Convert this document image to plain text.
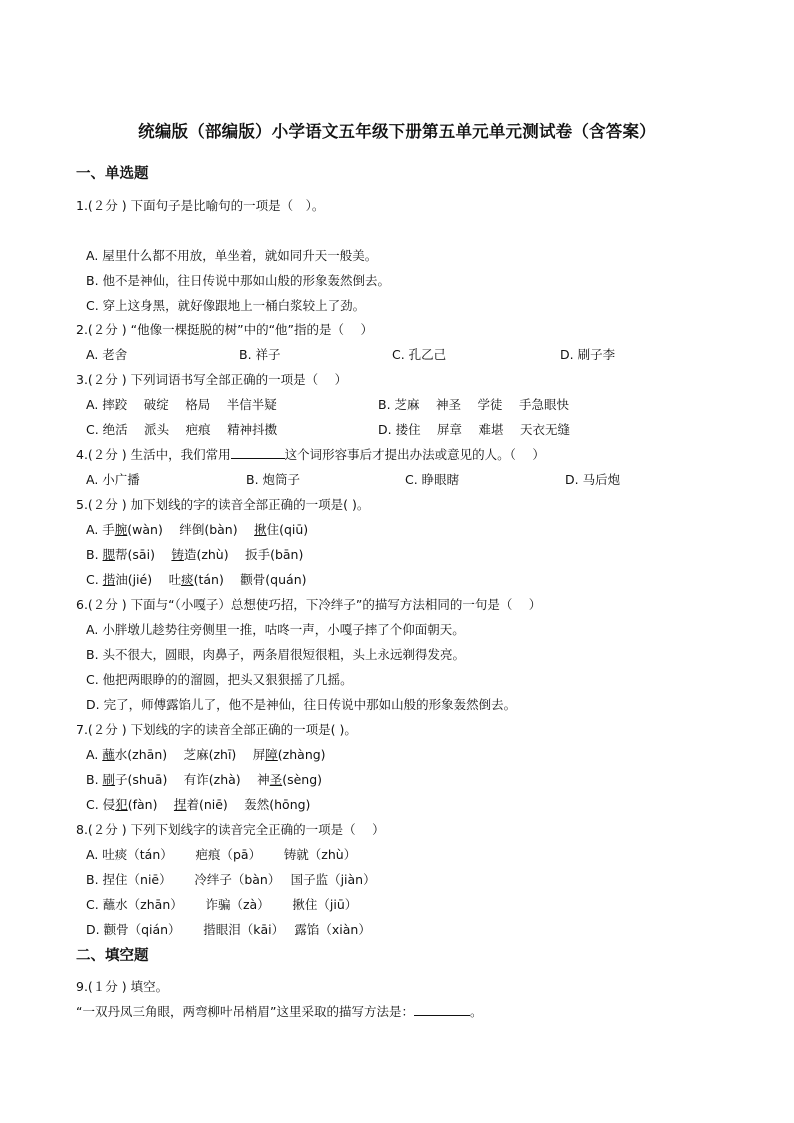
统编版（部编版）小学语文五年级下册第五单元单元测试卷（含答案）
一、单选题
1.(２分 ) 下面句子是比喻句的一项是（　）。
A. 屋里什么都不用放，单坐着，就如同升天一般美。
B. 他不是神仙，往日传说中那如山般的形象轰然倒去。
C. 穿上这身黑，就好像跟地上一桶白浆较上了劲。
2.(２分 ) “他像一棵挺脱的树”中的“他”指的是（　 ）
A. 老舍	B. 祥子	C. 孔乙己	D. 刷子李
3.(２分 ) 下列词语书写全部正确的一项是（　 ）
A. 摔跤　 破绽　 格局　 半信半疑	B. 芝麻　 神圣　 学徒　 手急眼快
C. 绝活　 派头　 疤痕　 精神抖擞	D. 搂住　 屏章　 难堪　 天衣无缝
4.(２分 ) 生活中，我们常用	这个词形容事后才提出办法或意见的人。（　 ）
A. 小广播	B. 炮筒子	C. 睁眼瞎	D. 马后炮
5.(２分 ) 加下划线的字的读音全部正确的一项是( )。
A. 手腕(wàn)　 绊倒(bàn)　 揪住(qiū)
B. 腮帮(sāi)　 铸造(zhù)　 扳手(bān)
C. 揩油(jié)　 吐痰(tán)　 颧骨(quán)
6.(２分 ) 下面与“（小嘎子）总想使巧招，下冷绊子”的描写方法相同的一句是（　 ）
A. 小胖墩儿趁势往旁侧里一推，咕咚一声，小嘎子摔了个仰面朝天。
B. 头不很大，圆眼，肉鼻子，两条眉很短很粗，头上永远剃得发亮。
C. 他把两眼睁的的溜圆，把头又狠狠摇了几摇。
D. 完了，师傅露馅儿了，他不是神仙，往日传说中那如山般的形象轰然倒去。
7.(２分 ) 下划线的字的读音全部正确的一项是( )。
A. 蘸水(zhān)　 芝麻(zhī)　 屏障(zhàng)
B. 刷子(shuā)　 有诈(zhà)　 神圣(sèng)
C. 侵犯(fàn)　 捏着(niē)　 轰然(hōng)
8.(２分 ) 下列下划线字的读音完全正确的一项是（　 ）
A. 吐痰（tán）　　 疤痕（pā）　　 铸就（zhù）
B. 捏住（niē）　　 冷绊子（bàn）　 国子监（jiàn）
C. 蘸水（zhān）　　 诈骗（zà）　　 揪住（jiū）
D. 颧骨（qián）　　 揩眼泪（kāi）　 露馅（xiàn）
二、填空题
9.(１分 ) 填空。
“一双丹凤三角眼，两弯柳叶吊梢眉”这里采取的描写方法是：	。
